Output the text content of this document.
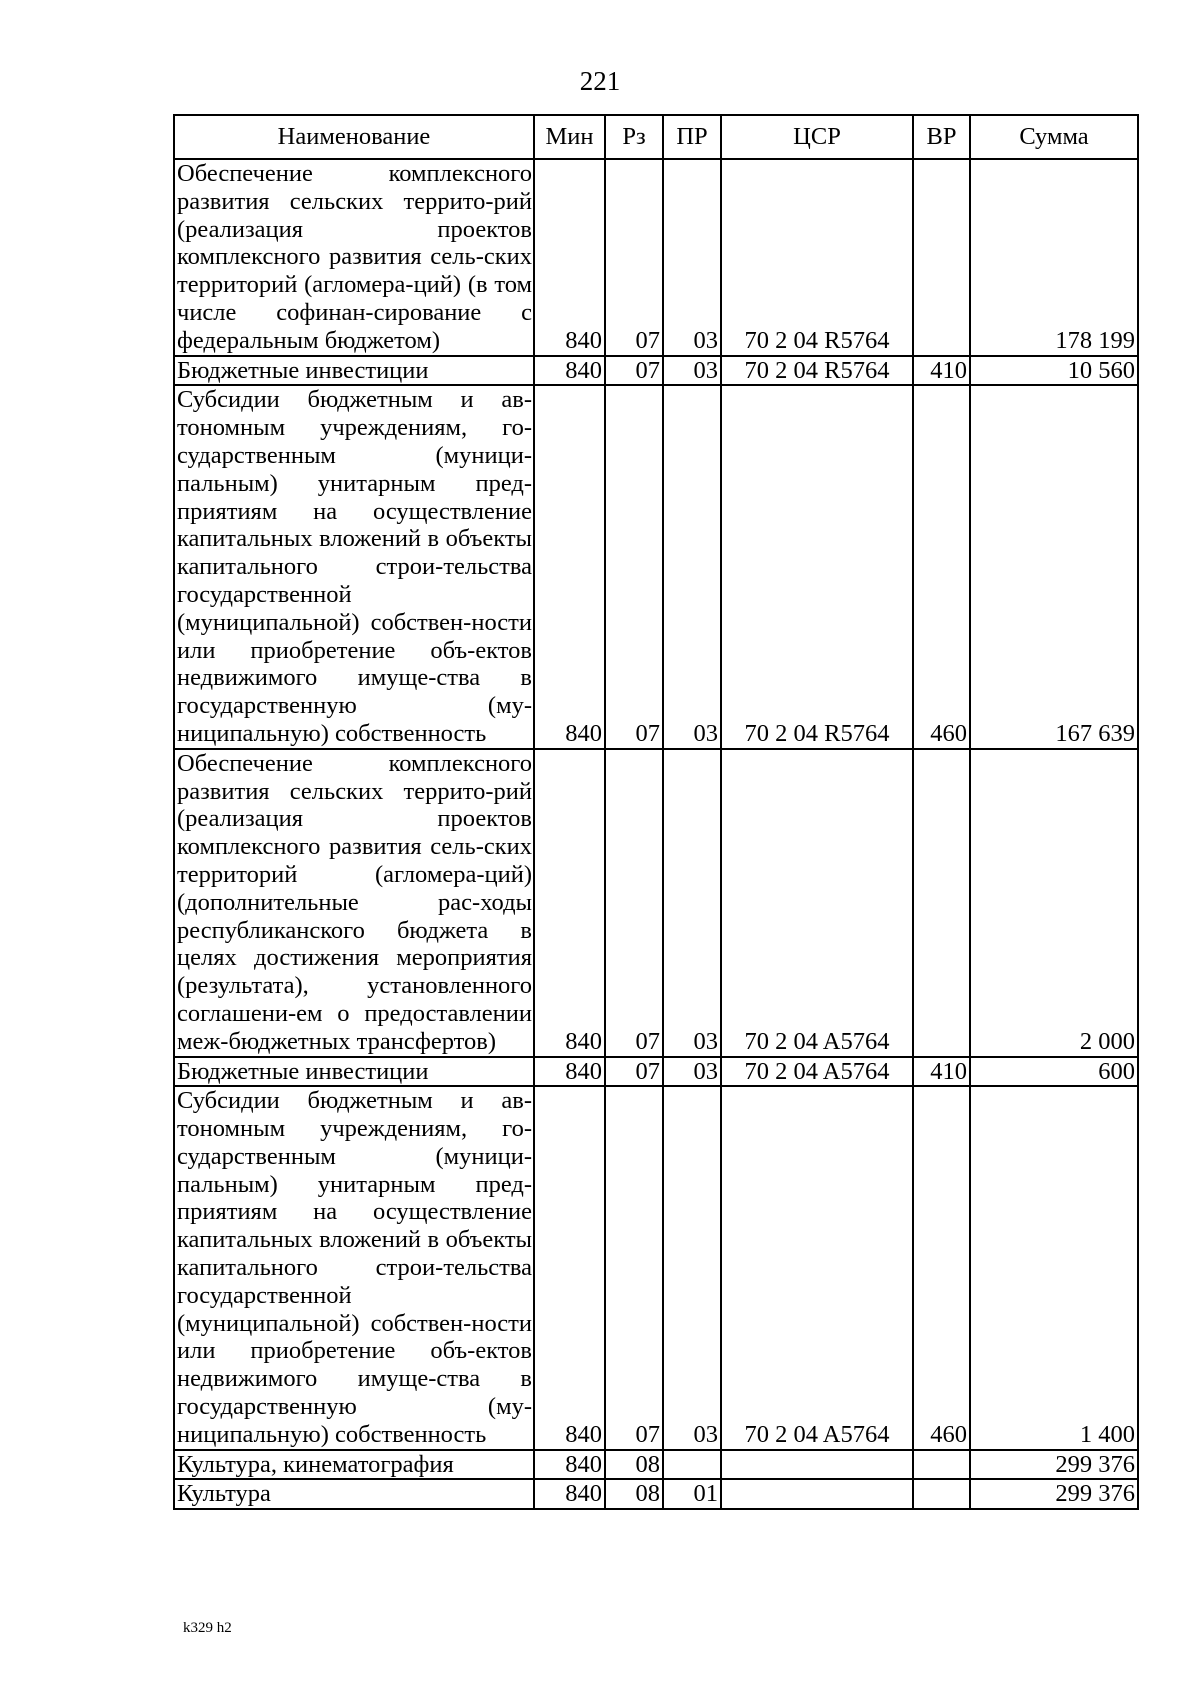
221
Наименование	Мин	Рз	ПР	ЦСР	ВР	Сумма
Обеспечение комплексного развития сельских террито-рий (реализация проектов комплексного развития сель-ских территорий (агломера-ций) (в том числе софинан-сирование с федеральным бюджетом)	840	07	03	70 2 04 R5764		178 199
Бюджетные инвестиции	840	07	03	70 2 04 R5764	410	10 560
Субсидии бюджетным и ав-тономным учреждениям, го-сударственным (муници-пальным) унитарным пред-приятиям на осуществление капитальных вложений в объекты капитального строи-тельства государственной (муниципальной) собствен-ности или приобретение объ-ектов недвижимого имуще-ства в государственную (му-ниципальную) собственность	840	07	03	70 2 04 R5764	460	167 639
Обеспечение комплексного развития сельских террито-рий (реализация проектов комплексного развития сель-ских территорий (агломера-ций) (дополнительные рас-ходы республиканского бюджета в целях достижения мероприятия (результата), установленного соглашени-ем о предоставлении меж-бюджетных трансфертов)	840	07	03	70 2 04 A5764		2 000
Бюджетные инвестиции	840	07	03	70 2 04 A5764	410	600
Субсидии бюджетным и ав-тономным учреждениям, го-сударственным (муници-пальным) унитарным пред-приятиям на осуществление капитальных вложений в объекты капитального строи-тельства государственной (муниципальной) собствен-ности или приобретение объ-ектов недвижимого имуще-ства в государственную (му-ниципальную) собственность	840	07	03	70 2 04 A5764	460	1 400
Культура, кинематография	840	08				299 376
Культура	840	08	01			299 376
k329 h2
